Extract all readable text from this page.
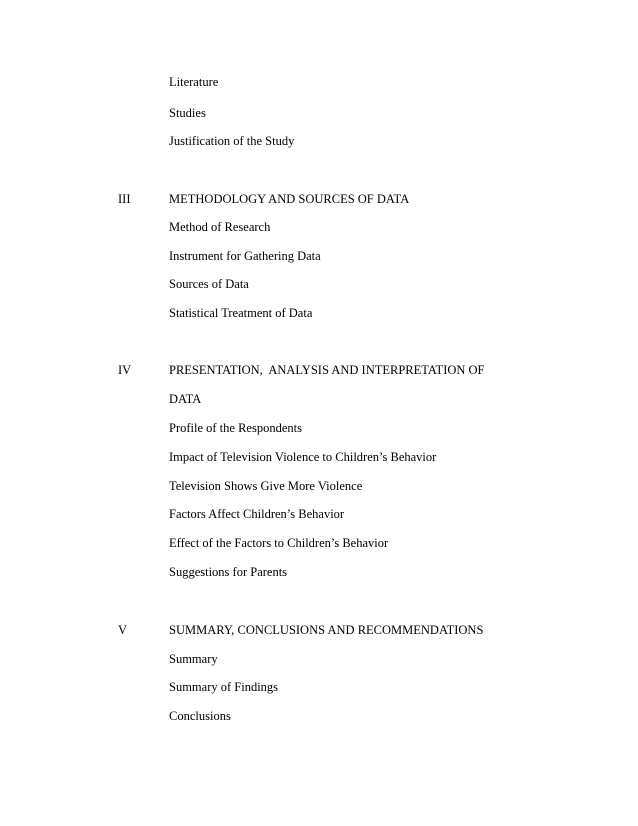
Literature
Studies
Justification of the Study
III	METHODOLOGY AND SOURCES OF DATA
Method of Research
Instrument for Gathering Data
Sources of Data
Statistical Treatment of Data
IV	PRESENTATION,  ANALYSIS AND INTERPRETATION OF
DATA
Profile of the Respondents
Impact of Television Violence to Children’s Behavior
Television Shows Give More Violence
Factors Affect Children’s Behavior
Effect of the Factors to Children’s Behavior
Suggestions for Parents
V	SUMMARY, CONCLUSIONS AND RECOMMENDATIONS
Summary
Summary of Findings
Conclusions
